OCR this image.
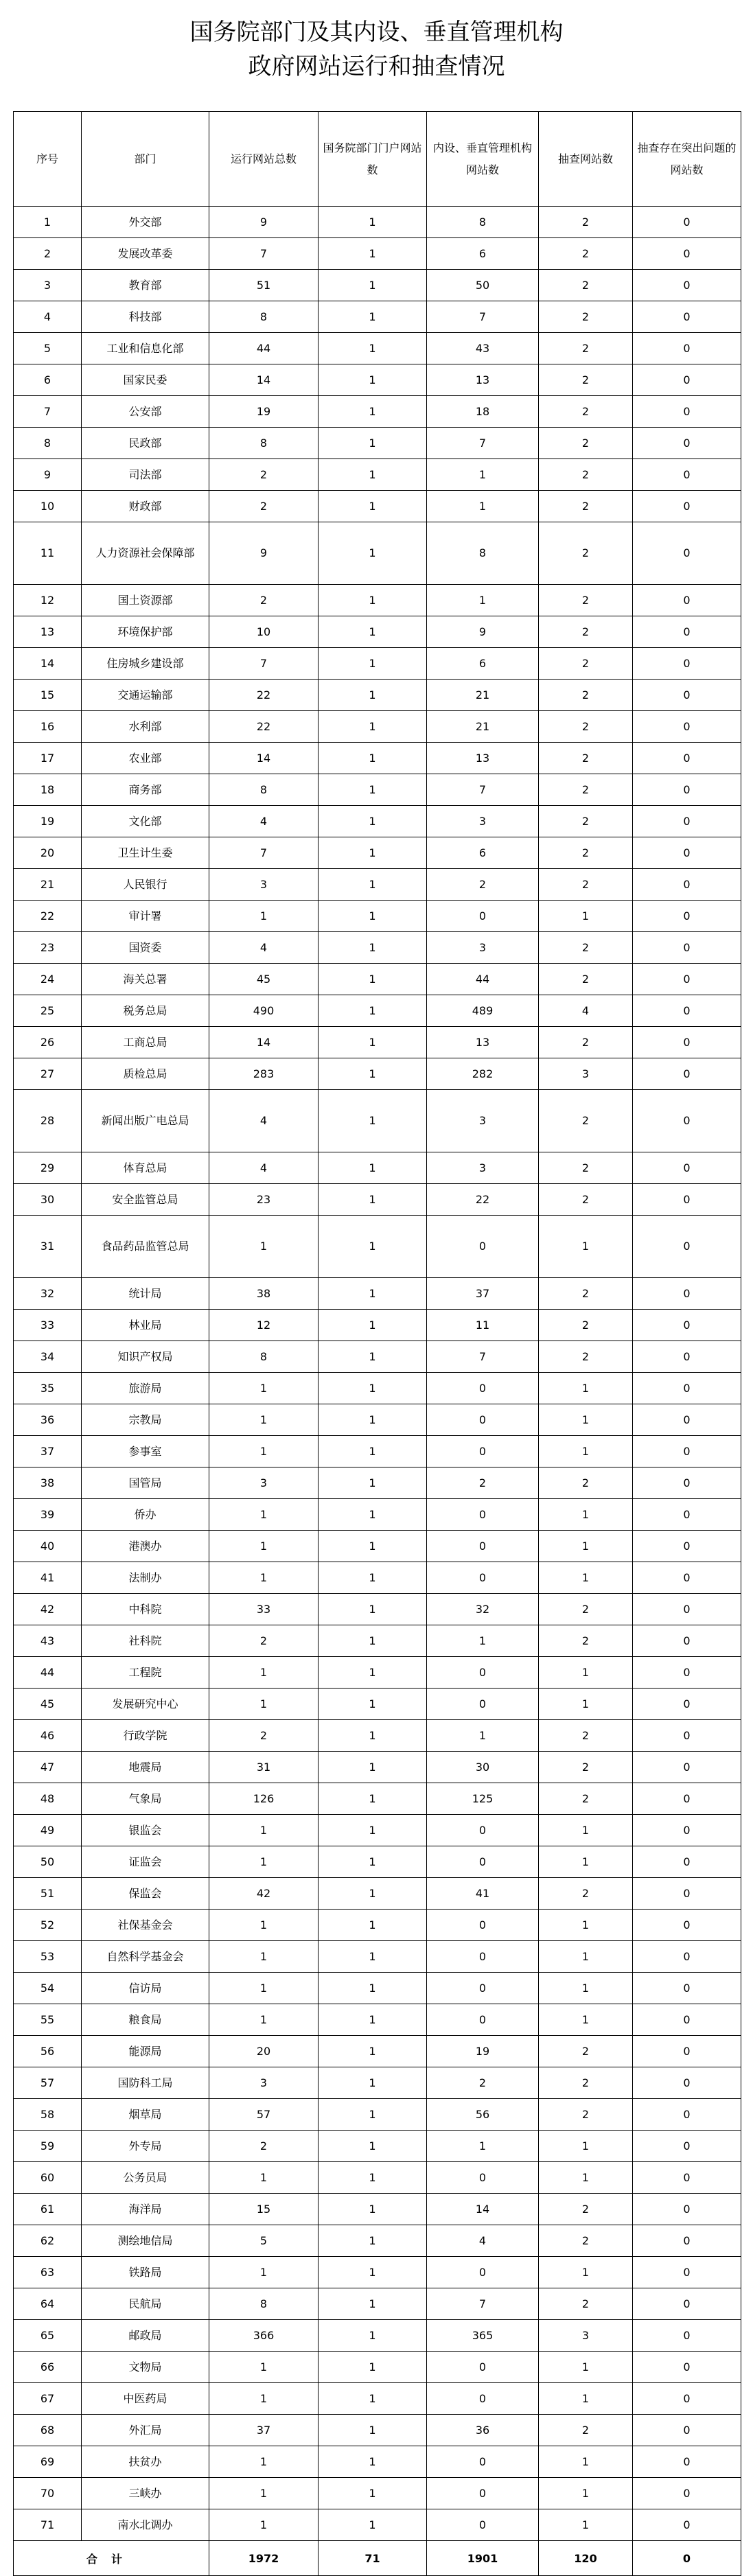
国务院部门及其内设、垂直管理机构
政府网站运行和抽查情况
序号	部门	运行网站总数	国务院部门门户网站数	内设、垂直管理机构网站数	抽查网站数	抽查存在突出问题的网站数
1	外交部	9	1	8	2	0
2	发展改革委	7	1	6	2	0
3	教育部	51	1	50	2	0
4	科技部	8	1	7	2	0
5	工业和信息化部	44	1	43	2	0
6	国家民委	14	1	13	2	0
7	公安部	19	1	18	2	0
8	民政部	8	1	7	2	0
9	司法部	2	1	1	2	0
10	财政部	2	1	1	2	0
11	人力资源社会保障部	9	1	8	2	0
12	国土资源部	2	1	1	2	0
13	环境保护部	10	1	9	2	0
14	住房城乡建设部	7	1	6	2	0
15	交通运输部	22	1	21	2	0
16	水利部	22	1	21	2	0
17	农业部	14	1	13	2	0
18	商务部	8	1	7	2	0
19	文化部	4	1	3	2	0
20	卫生计生委	7	1	6	2	0
21	人民银行	3	1	2	2	0
22	审计署	1	1	0	1	0
23	国资委	4	1	3	2	0
24	海关总署	45	1	44	2	0
25	税务总局	490	1	489	4	0
26	工商总局	14	1	13	2	0
27	质检总局	283	1	282	3	0
28	新闻出版广电总局	4	1	3	2	0
29	体育总局	4	1	3	2	0
30	安全监管总局	23	1	22	2	0
31	食品药品监管总局	1	1	0	1	0
32	统计局	38	1	37	2	0
33	林业局	12	1	11	2	0
34	知识产权局	8	1	7	2	0
35	旅游局	1	1	0	1	0
36	宗教局	1	1	0	1	0
37	参事室	1	1	0	1	0
38	国管局	3	1	2	2	0
39	侨办	1	1	0	1	0
40	港澳办	1	1	0	1	0
41	法制办	1	1	0	1	0
42	中科院	33	1	32	2	0
43	社科院	2	1	1	2	0
44	工程院	1	1	0	1	0
45	发展研究中心	1	1	0	1	0
46	行政学院	2	1	1	2	0
47	地震局	31	1	30	2	0
48	气象局	126	1	125	2	0
49	银监会	1	1	0	1	0
50	证监会	1	1	0	1	0
51	保监会	42	1	41	2	0
52	社保基金会	1	1	0	1	0
53	自然科学基金会	1	1	0	1	0
54	信访局	1	1	0	1	0
55	粮食局	1	1	0	1	0
56	能源局	20	1	19	2	0
57	国防科工局	3	1	2	2	0
58	烟草局	57	1	56	2	0
59	外专局	2	1	1	1	0
60	公务员局	1	1	0	1	0
61	海洋局	15	1	14	2	0
62	测绘地信局	5	1	4	2	0
63	铁路局	1	1	0	1	0
64	民航局	8	1	7	2	0
65	邮政局	366	1	365	3	0
66	文物局	1	1	0	1	0
67	中医药局	1	1	0	1	0
68	外汇局	37	1	36	2	0
69	扶贫办	1	1	0	1	0
70	三峡办	1	1	0	1	0
71	南水北调办	1	1	0	1	0
合计		1972	71	1901	120	0
